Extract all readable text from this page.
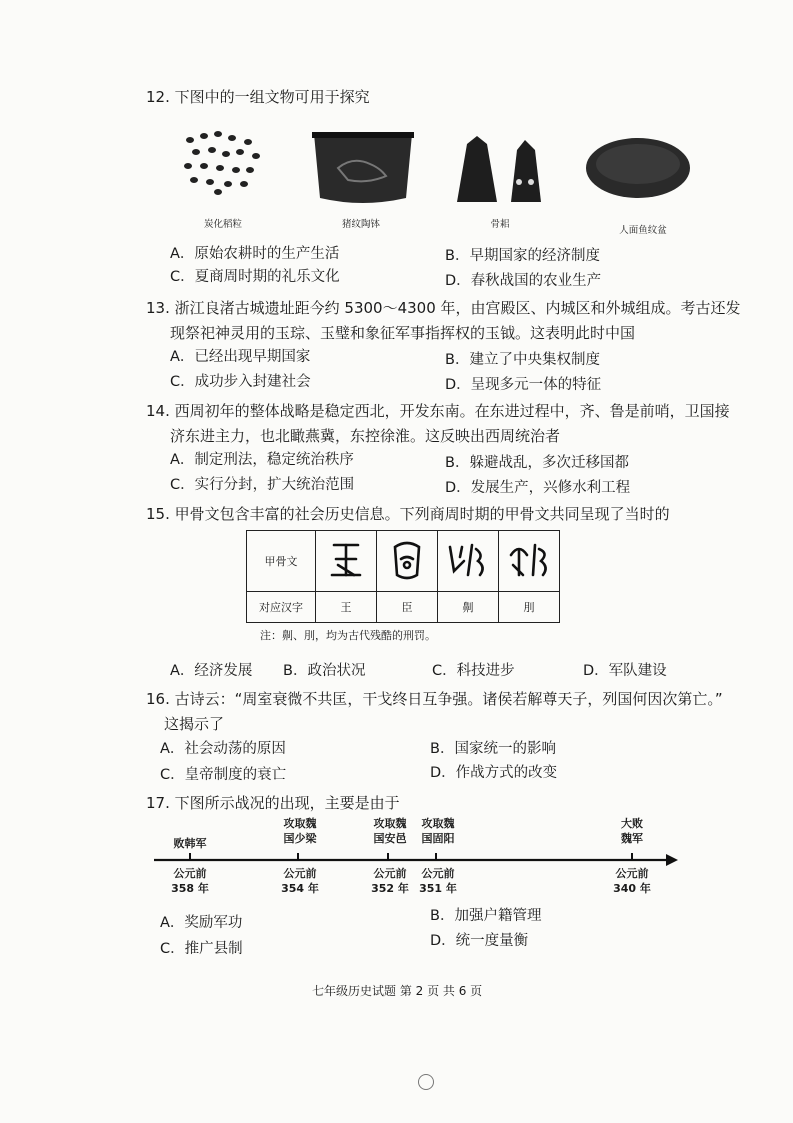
12. 下图中的一组文物可用于探究
炭化稻粒	猪纹陶钵	骨耜
人面鱼纹盆
A．原始农耕时的生产生活	B．早期国家的经济制度
C．夏商周时期的礼乐文化	D．春秋战国的农业生产
13. 浙江良渚古城遗址距今约 5300～4300 年，由宫殿区、内城区和外城组成。考古还发
现祭祀神灵用的玉琮、玉璧和象征军事指挥权的玉钺。这表明此时中国
A．已经出现早期国家	B．建立了中央集权制度
C．成功步入封建社会	D．呈现多元一体的特征
14. 西周初年的整体战略是稳定西北，开发东南。在东进过程中，齐、鲁是前哨，卫国接
济东进主力，也北瞰燕冀，东控徐淮。这反映出西周统治者
A．制定刑法，稳定统治秩序	B．躲避战乱，多次迁移国都
C．实行分封，扩大统治范围	D．发展生产，兴修水利工程
15. 甲骨文包含丰富的社会历史信息。下列商周时期的甲骨文共同呈现了当时的
甲骨文				
对应汉字	王	臣	劓	刖
注：劓、刖，均为古代残酷的刑罚。
A．经济发展 B．政治状况	C．科技进步	D．军队建设
16. 古诗云：“周室衰微不共匡，干戈终日互争强。诸侯若解尊天子，列国何因次第亡。”
这揭示了
A．社会动荡的原因	B．国家统一的影响
C．皇帝制度的衰亡	D．作战方式的改变
17. 下图所示战况的出现，主要是由于
败韩军
攻取魏
国少梁
攻取魏
国安邑
攻取魏
国固阳
大败
魏军
公元前
358 年
公元前
354 年
公元前
352 年
公元前
351 年
公元前
340 年
A．奖励军功	B．加强户籍管理
C．推广县制	D．统一度量衡
七年级历史试题 第 2 页 共 6 页
